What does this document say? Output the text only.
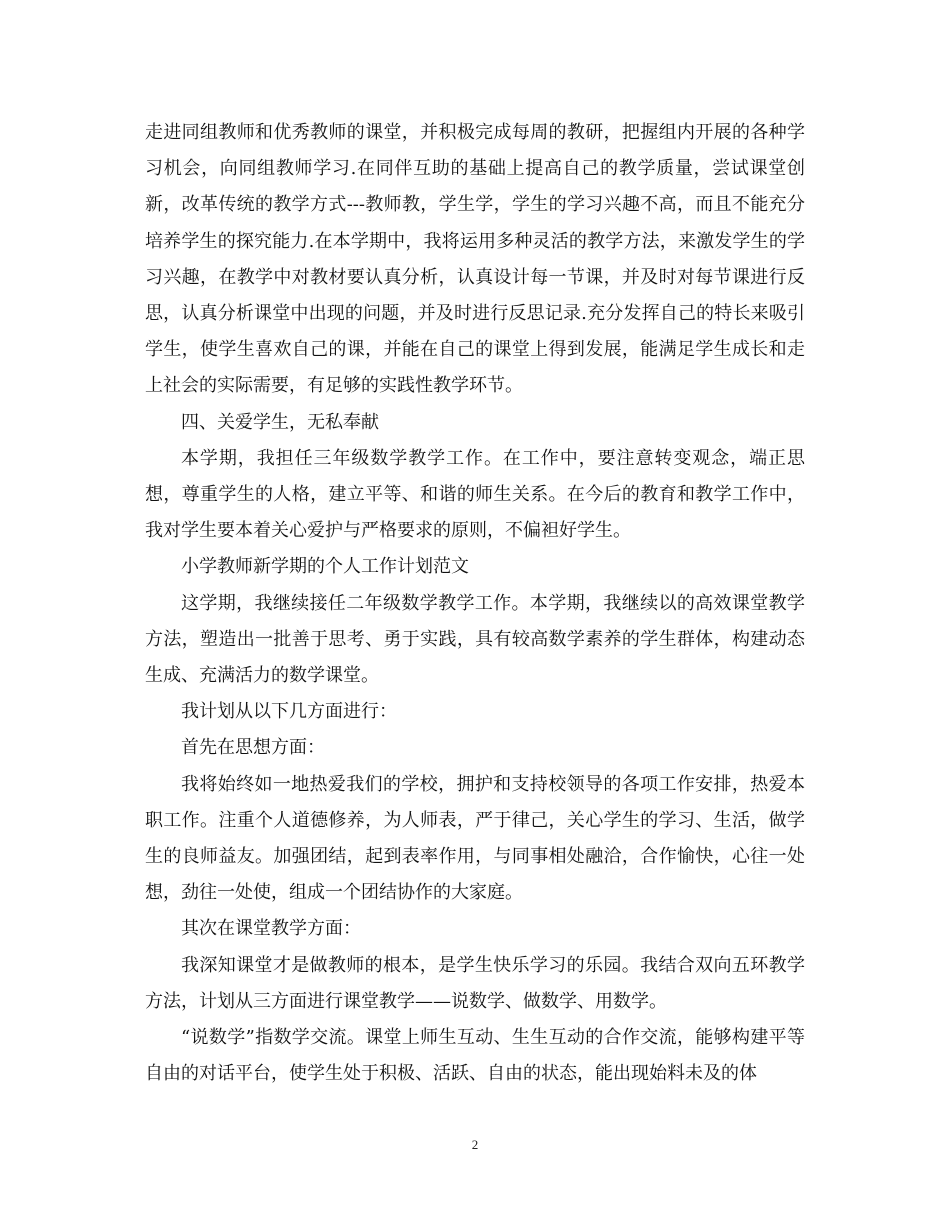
走进同组教师和优秀教师的课堂，并积极完成每周的教研，把握组内开展的各种学习机会，向同组教师学习.在同伴互助的基础上提高自己的教学质量，尝试课堂创新，改革传统的教学方式---教师教，学生学，学生的学习兴趣不高，而且不能充分培养学生的探究能力.在本学期中，我将运用多种灵活的教学方法，来激发学生的学习兴趣，在教学中对教材要认真分析，认真设计每一节课，并及时对每节课进行反思，认真分析课堂中出现的问题，并及时进行反思记录.充分发挥自己的特长来吸引学生，使学生喜欢自己的课，并能在自己的课堂上得到发展，能满足学生成长和走上社会的实际需要，有足够的实践性教学环节。

四、关爱学生，无私奉献

本学期，我担任三年级数学教学工作。在工作中，要注意转变观念，端正思想，尊重学生的人格，建立平等、和谐的师生关系。在今后的教育和教学工作中，我对学生要本着关心爱护与严格要求的原则，不偏袒好学生。

小学教师新学期的个人工作计划范文

这学期，我继续接任二年级数学教学工作。本学期，我继续以的高效课堂教学方法，塑造出一批善于思考、勇于实践，具有较高数学素养的学生群体，构建动态生成、充满活力的数学课堂。

我计划从以下几方面进行：

首先在思想方面：

我将始终如一地热爱我们的学校，拥护和支持校领导的各项工作安排，热爱本职工作。注重个人道德修养，为人师表，严于律己，关心学生的学习、生活，做学生的良师益友。加强团结，起到表率作用，与同事相处融洽，合作愉快，心往一处想，劲往一处使，组成一个团结协作的大家庭。

其次在课堂教学方面：

我深知课堂才是做教师的根本，是学生快乐学习的乐园。我结合双向五环教学方法，计划从三方面进行课堂教学——说数学、做数学、用数学。

“说数学”指数学交流。课堂上师生互动、生生互动的合作交流，能够构建平等自由的对话平台，使学生处于积极、活跃、自由的状态，能出现始料未及的体

2
